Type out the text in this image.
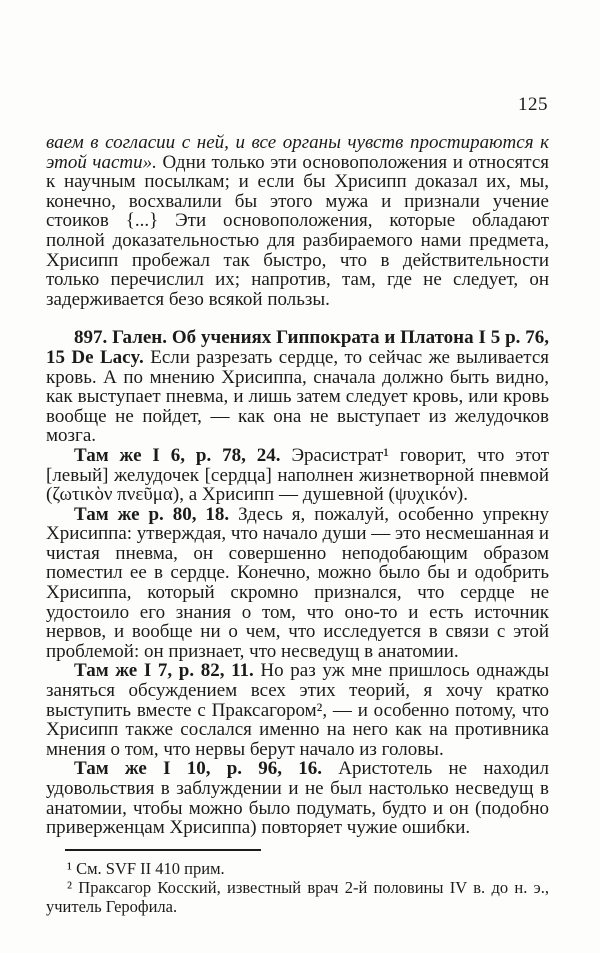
125

ваем в согласии с ней, и все органы чувств простираются к этой части». Одни только эти основоположения и относятся к научным посылкам; и если бы Хрисипп доказал их, мы, конечно, восхвалили бы этого мужа и признали учение стоиков {...} Эти основоположения, которые обладают полной доказательностью для разбираемого нами предмета, Хрисипп пробежал так быстро, что в действительности только перечислил их; напротив, там, где не следует, он задерживается безо всякой пользы.

897. Гален. Об учениях Гиппократа и Платона I 5 p. 76, 15 De Lacy. Если разрезать сердце, то сейчас же выливается кровь. А по мнению Хрисиппа, сначала должно быть видно, как выступает пневма, и лишь затем следует кровь, или кровь вообще не пойдет, — как она не выступает из желудочков мозга.

Там же I 6, p. 78, 24. Эрасистрат¹ говорит, что этот [левый] желудочек [сердца] наполнен жизнетворной пневмой (ζωτικὸν πνεῦμα), а Хрисипп — душевной (ψυχικόν).

Там же p. 80, 18. Здесь я, пожалуй, особенно упрекну Хрисиппа: утверждая, что начало души — это несмешанная и чистая пневма, он совершенно неподобающим образом поместил ее в сердце. Конечно, можно было бы и одобрить Хрисиппа, который скромно признался, что сердце не удостоило его знания о том, что оно-то и есть источник нервов, и вообще ни о чем, что исследуется в связи с этой проблемой: он признает, что несведущ в анатомии.

Там же I 7, p. 82, 11. Но раз уж мне пришлось однажды заняться обсуждением всех этих теорий, я хочу кратко выступить вместе с Праксагором², — и особенно потому, что Хрисипп также сослался именно на него как на противника мнения о том, что нервы берут начало из головы.

Там же I 10, p. 96, 16. Аристотель не находил удовольствия в заблуждении и не был настолько несведущ в анатомии, чтобы можно было подумать, будто и он (подобно приверженцам Хрисиппа) повторяет чужие ошибки.

¹ См. SVF II 410 прим.

² Праксагор Косский, известный врач 2-й половины IV в. до н. э., учитель Герофила.
